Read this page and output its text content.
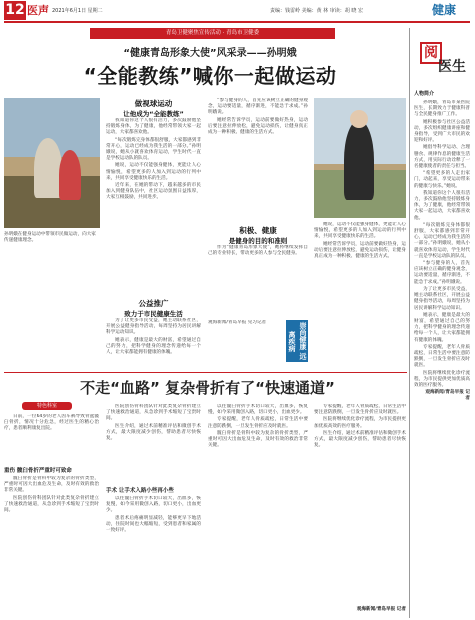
12 医声 2021年6月1日 星期二	责编：钱雷岭 美编：黄 林 审读：胡 晓 宏	健康
青岛卫健聚焦宣传活动 · 青岛市卫健委
“健康青岛形象大使”风采录——孙明娥
“全能教练”喊你一起做运动
孙明娥在健身运动中带领市民做运动，向大家传递健康理念。
做视球运动
让他成为“全能教练”

我知道你这个人很有活力，多次鼓励他坚持锻炼身体，为了健康，他经常带领大家一起运动，大家都喜欢他。

“每次锻炼完身体都很舒服，大家都感到非常开心，运动已经成为我生活的一部分。”孙明娥说，她从小就喜欢体育运动，学生时代一直是学校运动队的队员。

她说，运动不仅能强身健体，更能让人心情愉悦，希望更多的人加入到运动的行列中来，共同享受健康快乐的生活。

近年来，在她的带动下，越来越多的市民加入到健身队伍中，社区运动氛围日益浓厚，大家互相鼓励，共同进步。

公益推广
致力于市民健康生活

为了让更多市民受益，她主动联系社区，开展公益健身指导活动，每周坚持为居民讲解科学运动知识。

她表示，健康是最大的财富，希望通过自己的努力，把科学健身的理念传递给每一个人，让大家都能拥有健康的体魄。

“参与健身的人，首先应该树立正确的健身观念，运动要适量，循序渐进，不能急于求成。”孙明娥说。

她经常告诉学员，运动前要做好热身，运动后要注意拉伸放松，避免运动损伤，让健身真正成为一种积极、健康的生活方式。

积极、健康
是健身的目的和准则

作为“健康青岛形象大使”，她将继续发挥自己的专业特长，带动更多的人参与全民健身。

观海新闻/青岛早报 见习记者	崇尚健康 远离疾病

她说，运动不仅能强身健体，更能让人心情愉悦，希望更多的人加入到运动的行列中来，共同享受健康快乐的生活。

她经常告诉学员，运动前要做好热身，运动后要注意拉伸放松，避免运动损伤，让健身真正成为一种积极、健康的生活方式。

阅
医生
人物简介

孙明娥，青岛市某医院医生，长期致力于健康科普与全民健身推广工作。

她积极参与社区公益活动，多次组织健康讲座和健身指导，受到广大市民的欢迎和好评。

她倡导科学运动、合理膳食、规律作息的健康生活方式，用实际行动诠释了一名健康使者的责任与担当。

“希望更多的人走出家门，动起来，享受运动带来的健康与快乐。”她说。

我知道你这个人很有活力，多次鼓励他坚持锻炼身体，为了健康，他经常带领大家一起运动，大家都喜欢他。

“每次锻炼完身体都很舒服，大家都感到非常开心，运动已经成为我生活的一部分。”孙明娥说，她从小就喜欢体育运动，学生时代一直是学校运动队的队员。

“参与健身的人，首先应该树立正确的健身观念，运动要适量，循序渐进，不能急于求成。”孙明娥说。

为了让更多市民受益，她主动联系社区，开展公益健身指导活动，每周坚持为居民讲解科学运动知识。

她表示，健康是最大的财富，希望通过自己的努力，把科学健身的理念传递给每一个人，让大家都能拥有健康的体魄。

专家提醒，老年人骨质疏松，日常生活中要注意防跌倒，一旦发生骨折应及时就医。

医院将继续优化诊疗流程，为市民提供更加优质高效的医疗服务。

观海新闻/青岛早报 记者

不走“血路” 复杂骨折有了“快速通道”
特色科室

日前，一位64岁的老人因车祸导致骨盆髋臼骨折，情况十分危急，经过医生的精心治疗，患者顺利康复出院。

重伤 髋臼骨折严重时可致命

髋臼骨折是骨科中较为复杂的骨折类型，严重时可因大出血危及生命，及时有效的救治非常关键。

医院创伤骨科团队针对此类复杂骨折建立了快速救治通道，从急诊到手术缩短了宝贵时间。

医院创伤骨科团队针对此类复杂骨折建立了快速救治通道，从急诊到手术缩短了宝贵时间。

医生介绍，通过术前精准评估和微创手术方式，最大限度减少创伤，帮助患者尽快恢复。

手术 让手术入路小些再小些

以往髋臼骨折手术切口较大，出血多，恢复慢，如今采用微创入路，切口更小，出血更少。

患者术后疼痛明显减轻，能够更早下地活动，住院时间也大幅缩短，受到患者和家属的一致好评。

以往髋臼骨折手术切口较大，出血多，恢复慢，如今采用微创入路，切口更小，出血更少。

专家提醒，老年人骨质疏松，日常生活中要注意防跌倒，一旦发生骨折应及时就医。

髋臼骨折是骨科中较为复杂的骨折类型，严重时可因大出血危及生命，及时有效的救治非常关键。

专家提醒，老年人骨质疏松，日常生活中要注意防跌倒，一旦发生骨折应及时就医。

医院将继续优化诊疗流程，为市民提供更加优质高效的医疗服务。

医生介绍，通过术前精准评估和微创手术方式，最大限度减少创伤，帮助患者尽快恢复。

观海新闻/青岛早报 记者
